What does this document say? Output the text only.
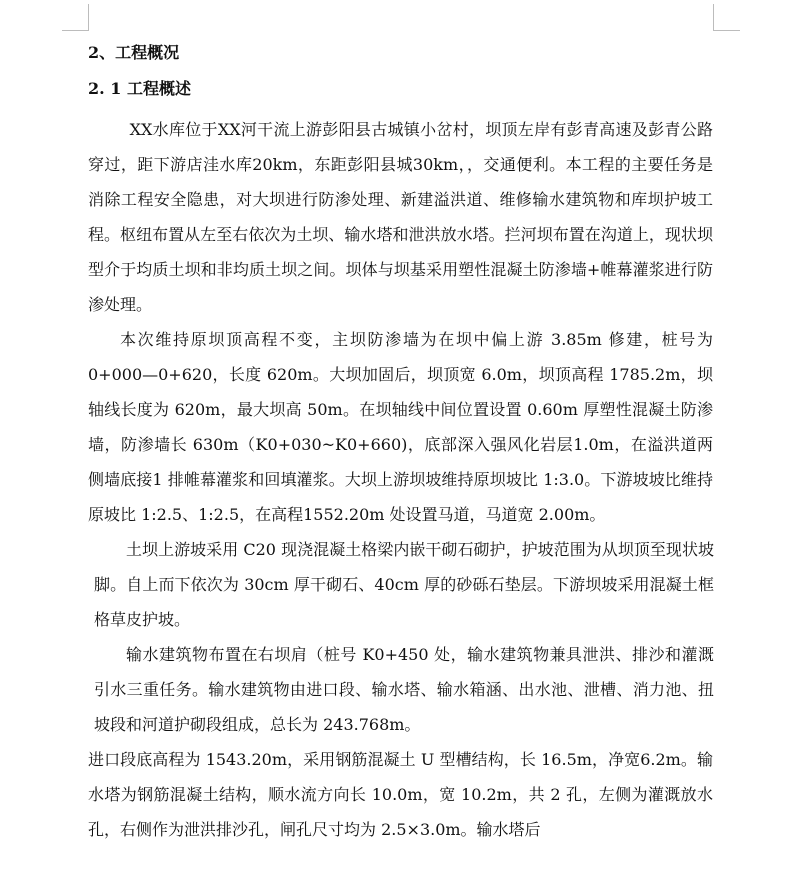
2、工程概况
2. 1 工程概述

XX水库位于XX河干流上游彭阳县古城镇小岔村，坝顶左岸有彭青高速及彭青公路穿过，距下游店洼水库20km，东距彭阳县城30km，，交通便利。本工程的主要任务是消除工程安全隐患，对大坝进行防渗处理、新建溢洪道、维修输水建筑物和库坝护坡工程。枢纽布置从左至右依次为土坝、输水塔和泄洪放水塔。拦河坝布置在沟道上，现状坝型介于均质土坝和非均质土坝之间。坝体与坝基采用塑性混凝土防渗墙+帷幕灌浆进行防渗处理。

本次维持原坝顶高程不变，主坝防渗墙为在坝中偏上游 3.85m 修建，桩号为 0+000—0+620，长度 620m。大坝加固后，坝顶宽 6.0m，坝顶高程 1785.2m，坝轴线长度为 620m，最大坝高 50m。在坝轴线中间位置设置 0.60m 厚塑性混凝土防渗墙，防渗墙长 630m（K0+030~K0+660)，底部深入强风化岩层1.0m，在溢洪道两侧墙底接1 排帷幕灌浆和回填灌浆。大坝上游坝坡维持原坝坡比 1:3.0。下游坡坡比维持原坡比 1:2.5、1:2.5，在高程1552.20m 处设置马道，马道宽 2.00m。

土坝上游坡采用 C20 现浇混凝土格梁内嵌干砌石砌护，护坡范围为从坝顶至现状坡脚。自上而下依次为 30cm 厚干砌石、40cm 厚的砂砾石垫层。下游坝坡采用混凝土框格草皮护坡。

输水建筑物布置在右坝肩（桩号 K0+450 处，输水建筑物兼具泄洪、排沙和灌溉引水三重任务。输水建筑物由进口段、输水塔、输水箱涵、出水池、泄槽、消力池、扭坡段和河道护砌段组成，总长为 243.768m。

进口段底高程为 1543.20m，采用钢筋混凝土 U 型槽结构，长 16.5m，净宽6.2m。输水塔为钢筋混凝土结构，顺水流方向长 10.0m，宽 10.2m，共 2 孔，左侧为灌溉放水孔，右侧作为泄洪排沙孔，闸孔尺寸均为 2.5×3.0m。输水塔后
